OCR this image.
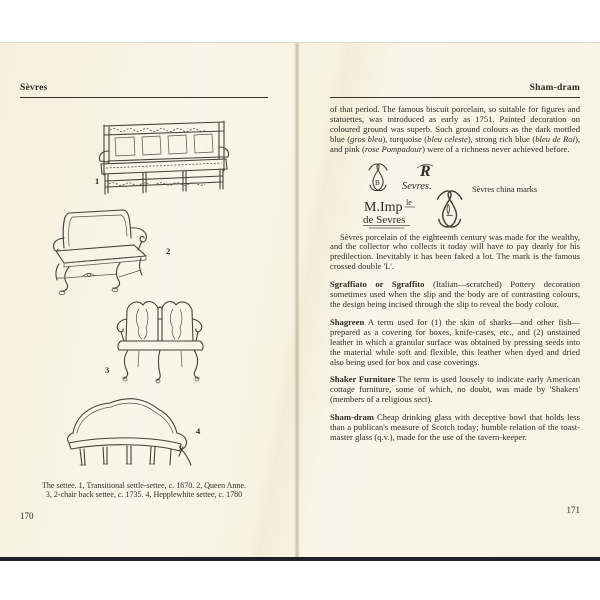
Sèvres
1
2
3
4
The settee. 1, Transitional settle-settee, c. 1670. 2, Queen Anne.
3, 2-chair back settee, c. 1735. 4, Hepplewhite settee, c. 1780
170
Sham-dram
of that period. The famous biscuit porcelain, so suitable for figures and statuettes, was introduced as early as 1751. Painted decoration on coloured ground was superb. Such ground colours as the dark mottled blue (gros bleu), turquoise (bleu celeste), strong rich blue (bleu de Roi), and pink (rose Pompadour) were of a richness never achieved before.
B
R
Sevres.
M.Imp le
de Sevres
Sèvres china marks
Sèvres porcelain of the eighteenth century was made for the wealthy, and the collector who collects it today will have to pay dearly for his predilection. Inevitably it has been faked a lot. The mark is the famous crossed double 'L'.
Sgraffiato or Sgraffito (Italian—scratched) Pottery decoration sometimes used when the slip and the body are of contrasting colours, the design being incised through the slip to reveal the body colour.
Shagreen A term used for (1) the skin of sharks—and other fish—prepared as a covering for boxes, knife-cases, etc., and (2) unstained leather in which a granular surface was obtained by pressing seeds into the material while soft and flexible, this leather when dyed and dried also being used for box and case coverings.
Shaker Furniture The term is used loosely to indicate early American cottage furniture, some of which, no doubt, was made by 'Shakers' (members of a religious sect).
Sham-dram Cheap drinking glass with deceptive bowl that holds less than a publican's measure of Scotch today; humble relation of the toast-master glass (q.v.), made for the use of the tavern-keeper.
171
